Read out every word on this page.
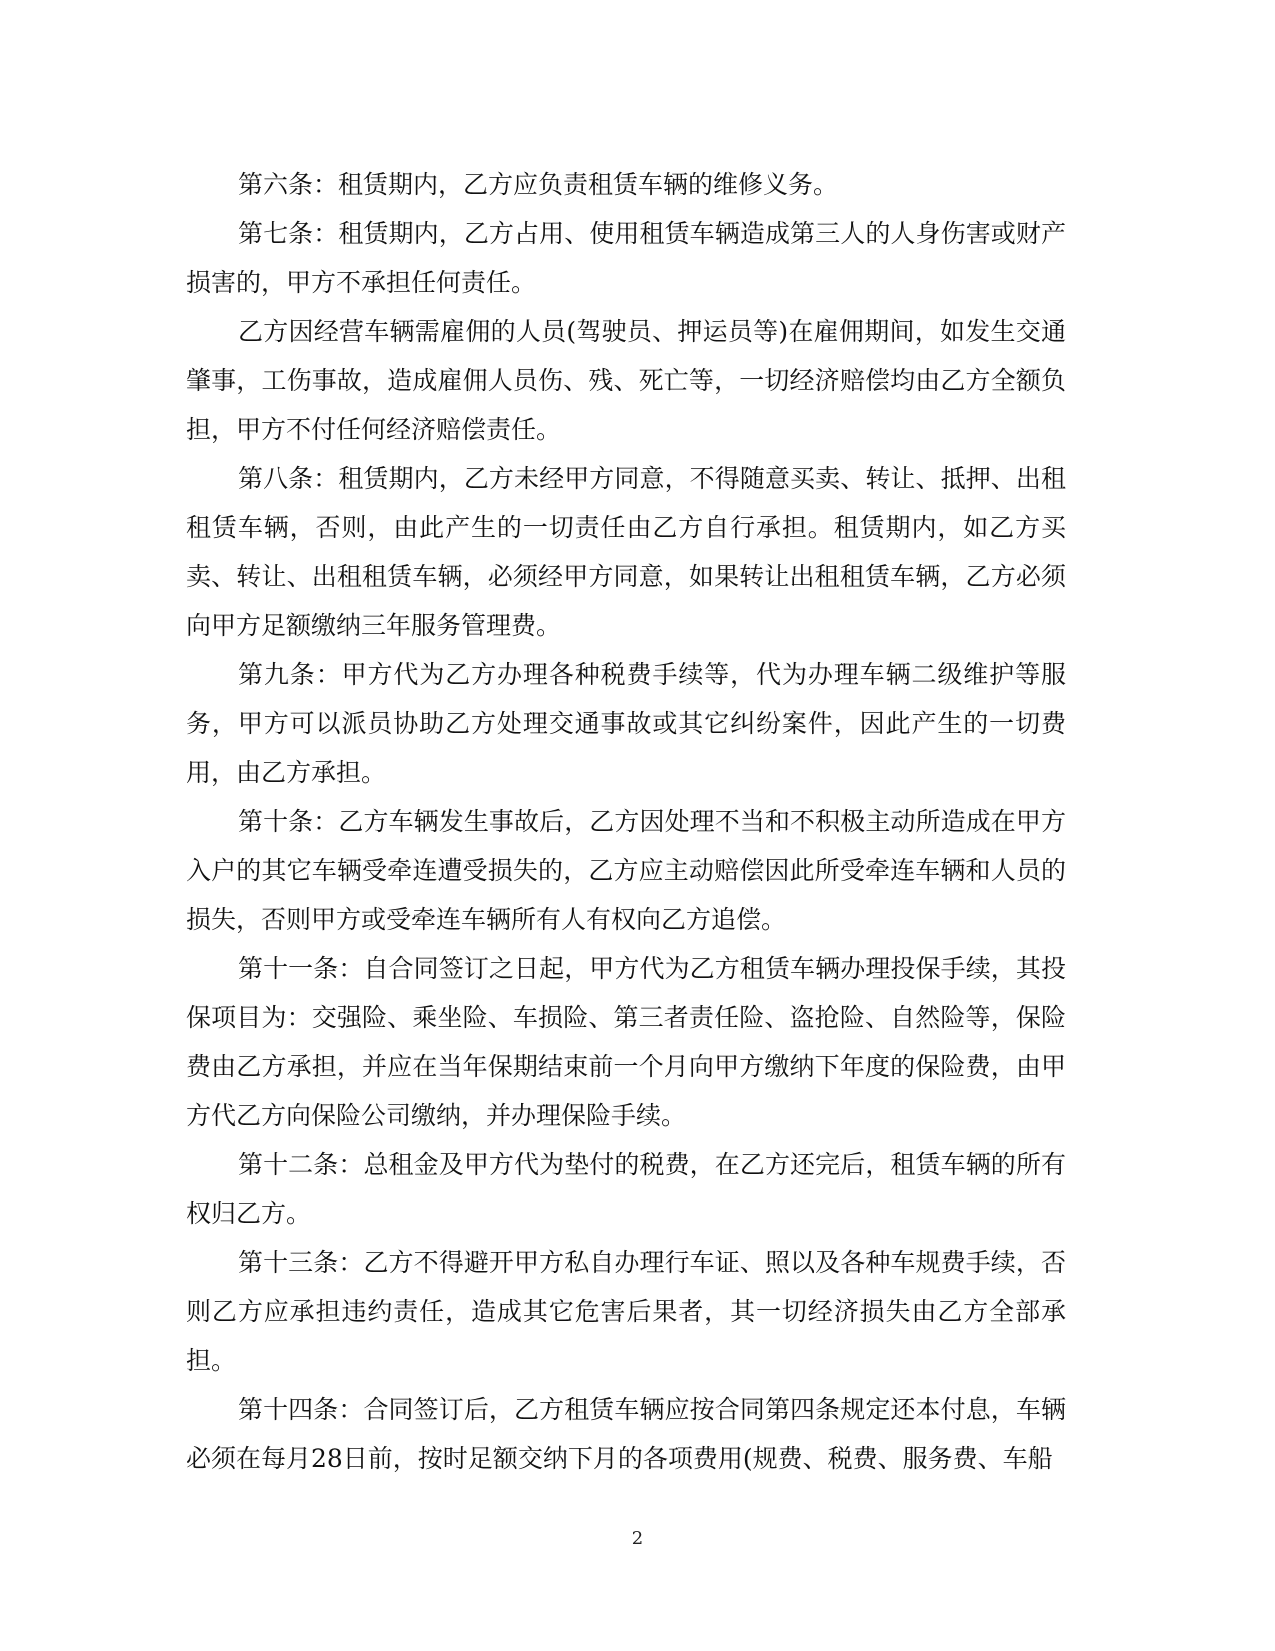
第六条：租赁期内，乙方应负责租赁车辆的维修义务。

第七条：租赁期内，乙方占用、使用租赁车辆造成第三人的人身伤害或财产损害的，甲方不承担任何责任。

乙方因经营车辆需雇佣的人员(驾驶员、押运员等)在雇佣期间，如发生交通肇事，工伤事故，造成雇佣人员伤、残、死亡等，一切经济赔偿均由乙方全额负担，甲方不付任何经济赔偿责任。

第八条：租赁期内，乙方未经甲方同意，不得随意买卖、转让、抵押、出租租赁车辆，否则，由此产生的一切责任由乙方自行承担。租赁期内，如乙方买卖、转让、出租租赁车辆，必须经甲方同意，如果转让出租租赁车辆，乙方必须向甲方足额缴纳三年服务管理费。

第九条：甲方代为乙方办理各种税费手续等，代为办理车辆二级维护等服务，甲方可以派员协助乙方处理交通事故或其它纠纷案件，因此产生的一切费用，由乙方承担。

第十条：乙方车辆发生事故后，乙方因处理不当和不积极主动所造成在甲方入户的其它车辆受牵连遭受损失的，乙方应主动赔偿因此所受牵连车辆和人员的损失，否则甲方或受牵连车辆所有人有权向乙方追偿。

第十一条：自合同签订之日起，甲方代为乙方租赁车辆办理投保手续，其投保项目为：交强险、乘坐险、车损险、第三者责任险、盗抢险、自然险等，保险费由乙方承担，并应在当年保期结束前一个月向甲方缴纳下年度的保险费，由甲方代乙方向保险公司缴纳，并办理保险手续。

第十二条：总租金及甲方代为垫付的税费，在乙方还完后，租赁车辆的所有权归乙方。

第十三条：乙方不得避开甲方私自办理行车证、照以及各种车规费手续，否则乙方应承担违约责任，造成其它危害后果者，其一切经济损失由乙方全部承担。

第十四条：合同签订后，乙方租赁车辆应按合同第四条规定还本付息，车辆必须在每月28日前，按时足额交纳下月的各项费用(规费、税费、服务费、车船

2
